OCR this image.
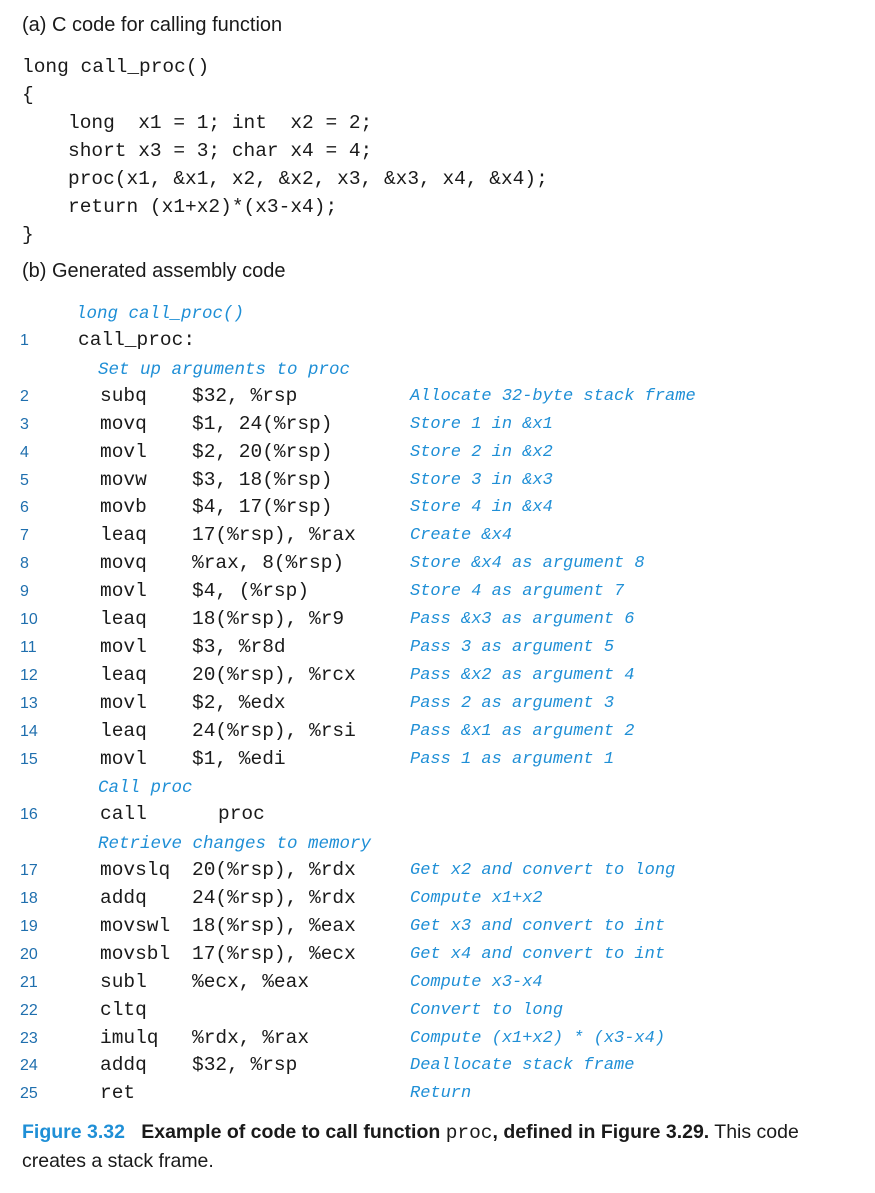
(a) C code for calling function
long call_proc()
{
long  x1 = 1; int  x2 = 2;
short x3 = 3; char x4 = 4;
proc(x1, &x1, x2, &x2, x3, &x3, x4, &x4);
return (x1+x2)*(x3-x4);
}
(b) Generated assembly code
long call_proc()
1	call_proc:
Set up arguments to proc
2	subq $32, %rsp	Allocate 32-byte stack frame
3	movq $1, 24(%rsp)	Store 1 in &x1
4	movl $2, 20(%rsp)	Store 2 in &x2
5	movw $3, 18(%rsp)	Store 3 in &x3
6	movb $4, 17(%rsp)	Store 4 in &x4
7	leaq 17(%rsp), %rax	Create &x4
8	movq %rax, 8(%rsp)	Store &x4 as argument 8
9	movl $4, (%rsp)	Store 4 as argument 7
10	leaq 18(%rsp), %r9	Pass &x3 as argument 6
11	movl $3, %r8d	Pass 3 as argument 5
12	leaq 20(%rsp), %rcx	Pass &x2 as argument 4
13	movl $2, %edx	Pass 2 as argument 3
14	leaq 24(%rsp), %rsi	Pass &x1 as argument 2
15	movl $1, %edi	Pass 1 as argument 1
Call proc
16	call	proc
Retrieve changes to memory
17	movslq 20(%rsp), %rdx	Get x2 and convert to long
18	addq 24(%rsp), %rdx	Compute x1+x2
19	movswl 18(%rsp), %eax	Get x3 and convert to int
20	movsbl 17(%rsp), %ecx	Get x4 and convert to int
21	subl %ecx, %eax	Compute x3-x4
22	cltq	Convert to long
23	imulq %rdx, %rax	Compute (x1+x2) * (x3-x4)
24	addq $32, %rsp	Deallocate stack frame
25	ret	Return
Figure 3.32 Example of code to call function proc, defined in Figure 3.29. This code creates a stack frame.
